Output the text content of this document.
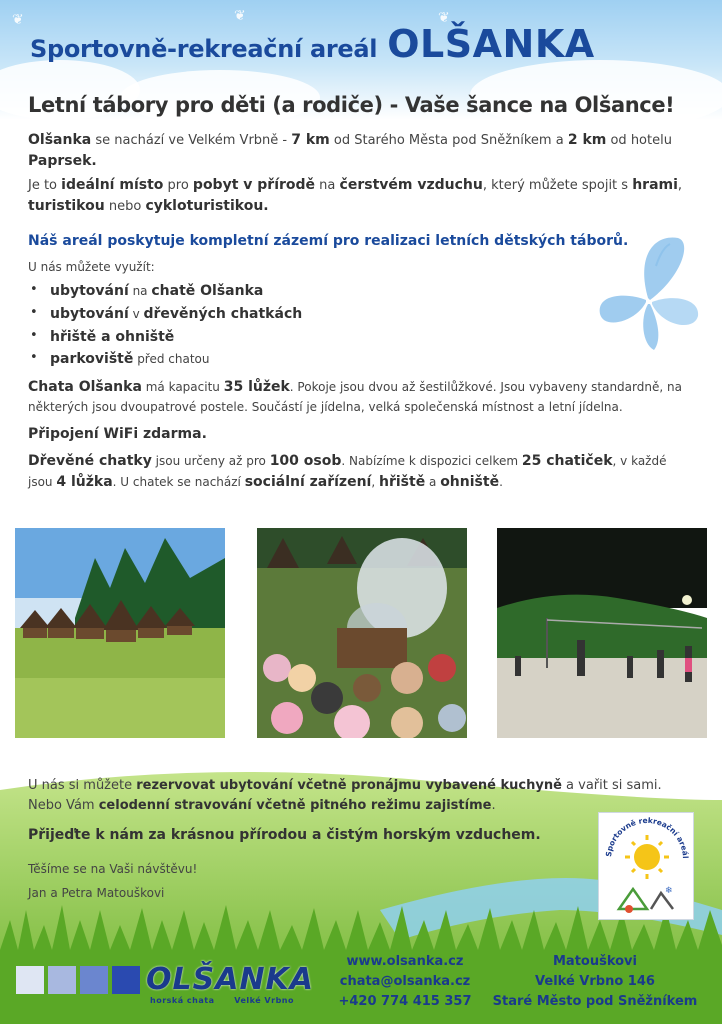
❦	❦
❦
Sportovně-rekreační areál OLŠANKA
Letní tábory pro děti (a rodiče) - Vaše šance na Olšance!

Olšanka se nachází ve Velkém Vrbně - 7 km od Starého Města pod Sněžníkem a 2 km od hotelu Paprsek.

Je to ideální místo pro pobyt v přírodě na čerstvém vzduchu, který můžete spojit s hrami, turistikou nebo cykloturistikou.

Náš areál poskytuje kompletní zázemí pro realizaci letních dětských táborů.
U nás můžete využít:
• ubytování na chatě Olšanka
• ubytování v dřevěných chatkách
• hřiště a ohniště
• parkoviště před chatou

Chata Olšanka má kapacitu 35 lůžek. Pokoje jsou dvou až šestilůžkové. Jsou vybaveny standardně, na některých jsou dvoupatrové postele. Součástí je jídelna, velká společenská místnost a letní jídelna.

Připojení WiFi zdarma.

Dřevěné chatky jsou určeny až pro 100 osob. Nabízíme k dispozici celkem 25 chatiček, v každé jsou 4 lůžka. U chatek se nachází sociální zařízení, hřiště a ohniště.

U nás si můžete rezervovat ubytování včetně pronájmu vybavené kuchyně a vařit si sami.

Nebo Vám celodenní stravování včetně pitného režimu zajistíme.

Přijeďte k nám za krásnou přírodou a čistým horským vzduchem.
Těšíme se na Vaši návštěvu!
Jan a Petra Matouškovi
Sportovně rekreační areál
❄
OLŠANKA
horská chata Velké Vrbno
www.olsanka.cz
chata@olsanka.cz
+420 774 415 357
Matouškovi
Velké Vrbno 146
Staré Město pod Sněžníkem
